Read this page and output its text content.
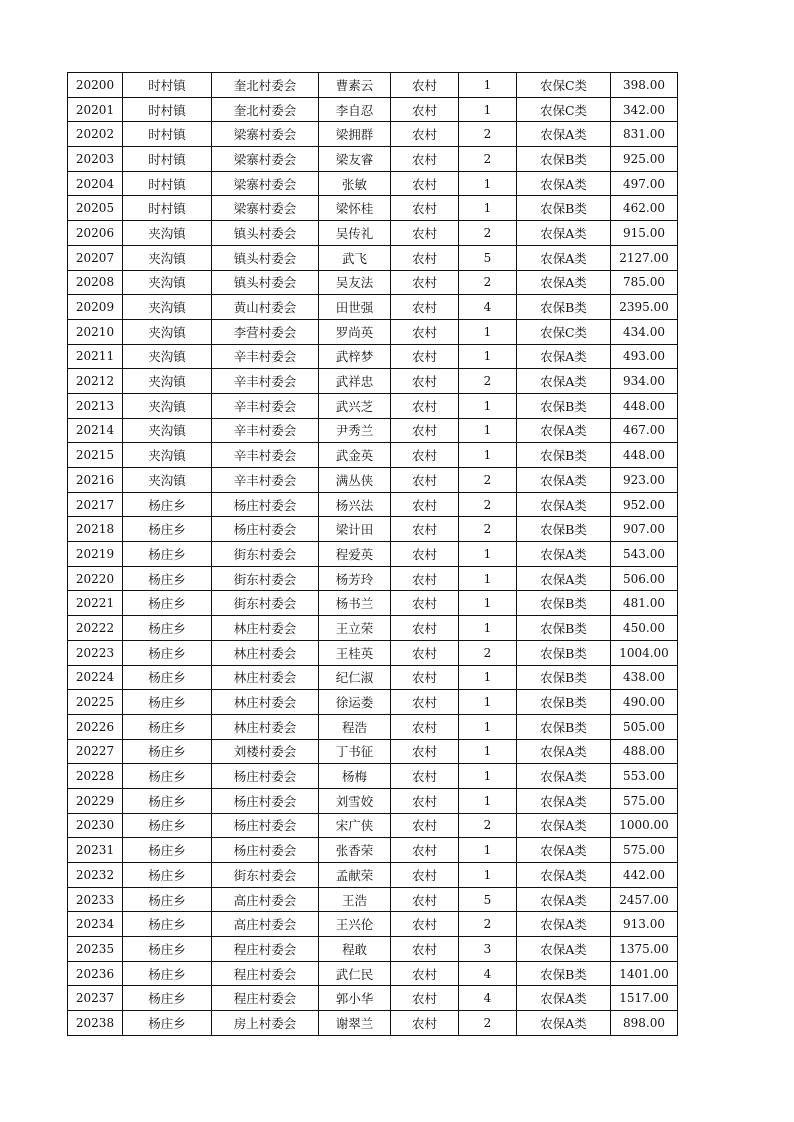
20200	时村镇	奎北村委会	曹素云	农村	1	农保C类	398.00
20201	时村镇	奎北村委会	李自忍	农村	1	农保C类	342.00
20202	时村镇	梁寨村委会	梁拥群	农村	2	农保A类	831.00
20203	时村镇	梁寨村委会	梁友睿	农村	2	农保B类	925.00
20204	时村镇	梁寨村委会	张敏	农村	1	农保A类	497.00
20205	时村镇	梁寨村委会	梁怀桂	农村	1	农保B类	462.00
20206	夹沟镇	镇头村委会	吴传礼	农村	2	农保A类	915.00
20207	夹沟镇	镇头村委会	武飞	农村	5	农保A类	2127.00
20208	夹沟镇	镇头村委会	吴友法	农村	2	农保A类	785.00
20209	夹沟镇	黄山村委会	田世强	农村	4	农保B类	2395.00
20210	夹沟镇	李营村委会	罗尚英	农村	1	农保C类	434.00
20211	夹沟镇	辛丰村委会	武梓梦	农村	1	农保A类	493.00
20212	夹沟镇	辛丰村委会	武祥忠	农村	2	农保A类	934.00
20213	夹沟镇	辛丰村委会	武兴芝	农村	1	农保B类	448.00
20214	夹沟镇	辛丰村委会	尹秀兰	农村	1	农保A类	467.00
20215	夹沟镇	辛丰村委会	武金英	农村	1	农保B类	448.00
20216	夹沟镇	辛丰村委会	满丛侠	农村	2	农保A类	923.00
20217	杨庄乡	杨庄村委会	杨兴法	农村	2	农保A类	952.00
20218	杨庄乡	杨庄村委会	梁计田	农村	2	农保B类	907.00
20219	杨庄乡	街东村委会	程爱英	农村	1	农保A类	543.00
20220	杨庄乡	街东村委会	杨芳玲	农村	1	农保A类	506.00
20221	杨庄乡	街东村委会	杨书兰	农村	1	农保B类	481.00
20222	杨庄乡	林庄村委会	王立荣	农村	1	农保B类	450.00
20223	杨庄乡	林庄村委会	王桂英	农村	2	农保B类	1004.00
20224	杨庄乡	林庄村委会	纪仁淑	农村	1	农保B类	438.00
20225	杨庄乡	林庄村委会	徐运娄	农村	1	农保B类	490.00
20226	杨庄乡	林庄村委会	程浩	农村	1	农保B类	505.00
20227	杨庄乡	刘楼村委会	丁书征	农村	1	农保A类	488.00
20228	杨庄乡	杨庄村委会	杨梅	农村	1	农保A类	553.00
20229	杨庄乡	杨庄村委会	刘雪姣	农村	1	农保A类	575.00
20230	杨庄乡	杨庄村委会	宋广侠	农村	2	农保A类	1000.00
20231	杨庄乡	杨庄村委会	张香荣	农村	1	农保A类	575.00
20232	杨庄乡	街东村委会	孟献荣	农村	1	农保A类	442.00
20233	杨庄乡	高庄村委会	王浩	农村	5	农保A类	2457.00
20234	杨庄乡	高庄村委会	王兴伦	农村	2	农保A类	913.00
20235	杨庄乡	程庄村委会	程敢	农村	3	农保A类	1375.00
20236	杨庄乡	程庄村委会	武仁民	农村	4	农保B类	1401.00
20237	杨庄乡	程庄村委会	郭小华	农村	4	农保A类	1517.00
20238	杨庄乡	房上村委会	谢翠兰	农村	2	农保A类	898.00
